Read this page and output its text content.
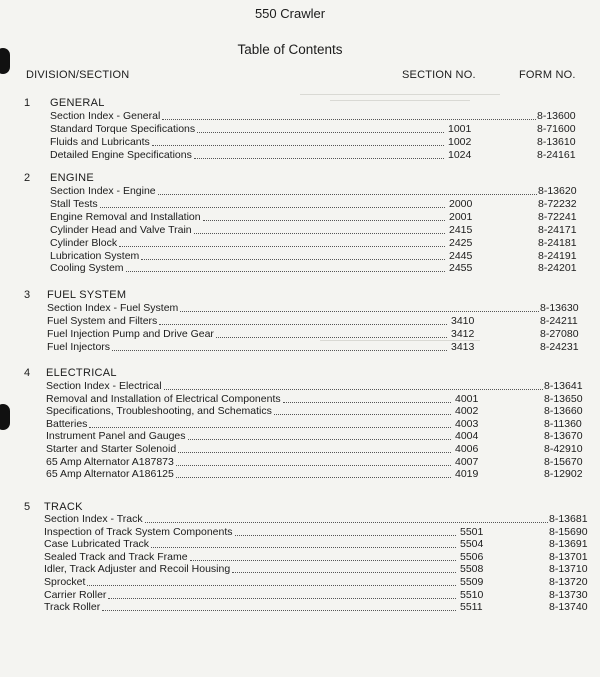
550 Crawler
Table of Contents
DIVISION/SECTION	SECTION NO.	FORM NO.
1 GENERAL
Section Index - General	8-13600
Standard Torque Specifications	1001	8-71600
Fluids and Lubricants	1002	8-13610
Detailed Engine Specifications	1024	8-24161
2 ENGINE
Section Index - Engine	8-13620
Stall Tests	2000	8-72232
Engine Removal and Installation	2001	8-72241
Cylinder Head and Valve Train	2415	8-24171
Cylinder Block	2425	8-24181
Lubrication System	2445	8-24191
Cooling System	2455	8-24201
3 FUEL SYSTEM
Section Index - Fuel System	8-13630
Fuel System and Filters	3410	8-24211
Fuel Injection Pump and Drive Gear	3412	8-27080
Fuel Injectors	3413	8-24231
4 ELECTRICAL
Section Index - Electrical	8-13641
Removal and Installation of Electrical Components	4001	8-13650
Specifications, Troubleshooting, and Schematics	4002	8-13660
Batteries	4003	8-11360
Instrument Panel and Gauges	4004	8-13670
Starter and Starter Solenoid	4006	8-42910
65 Amp Alternator A187873	4007	8-15670
65 Amp Alternator A186125	4019	8-12902
5 TRACK
Section Index - Track	8-13681
Inspection of Track System Components	5501	8-15690
Case Lubricated Track	5504	8-13691
Sealed Track and Track Frame	5506	8-13701
Idler, Track Adjuster and Recoil Housing	5508	8-13710
Sprocket	5509	8-13720
Carrier Roller	5510	8-13730
Track Roller	5511	8-13740
